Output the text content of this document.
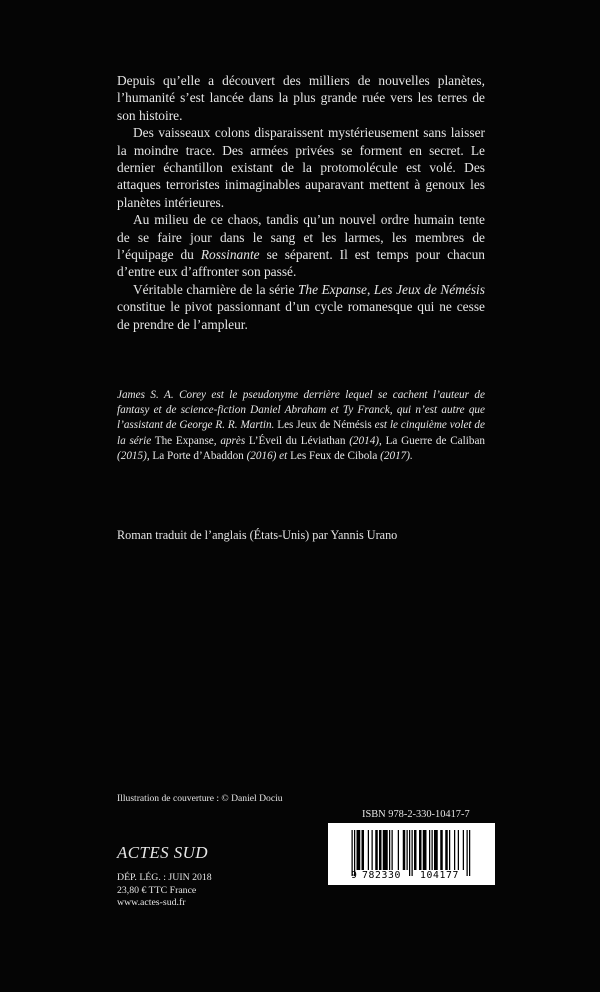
Depuis qu’elle a découvert des milliers de nouvelles planètes, l’humanité s’est lancée dans la plus grande ruée vers les terres de son histoire.

Des vaisseaux colons disparaissent mystérieusement sans laisser la moindre trace. Des armées privées se forment en secret. Le dernier échantillon existant de la protomolécule est volé. Des attaques terroristes inimaginables auparavant mettent à genoux les planètes intérieures.

Au milieu de ce chaos, tandis qu’un nouvel ordre humain tente de se faire jour dans le sang et les larmes, les membres de l’équipage du Rossinante se séparent. Il est temps pour chacun d’entre eux d’affronter son passé.

Véritable charnière de la série The Expanse, Les Jeux de Némésis constitue le pivot passionnant d’un cycle romanesque qui ne cesse de prendre de l’ampleur.

James S. A. Corey est le pseudonyme derrière lequel se cachent l’auteur de fantasy et de science-fiction Daniel Abraham et Ty Franck, qui n’est autre que l’assistant de George R. R. Martin. Les Jeux de Némésis est le cinquième volet de la série The Expanse, après L’Éveil du Léviathan (2014), La Guerre de Caliban (2015), La Porte d’Abaddon (2016) et Les Feux de Cibola (2017).

Roman traduit de l’anglais (États-Unis) par Yannis Urano

Illustration de couverture : © Daniel Dociu

ISBN 978-2-330-10417-7

ACTES SUD

DÉP. LÉG. : JUIN 2018
23,80 € TTC France
www.actes-sud.fr
9 782330 104177
